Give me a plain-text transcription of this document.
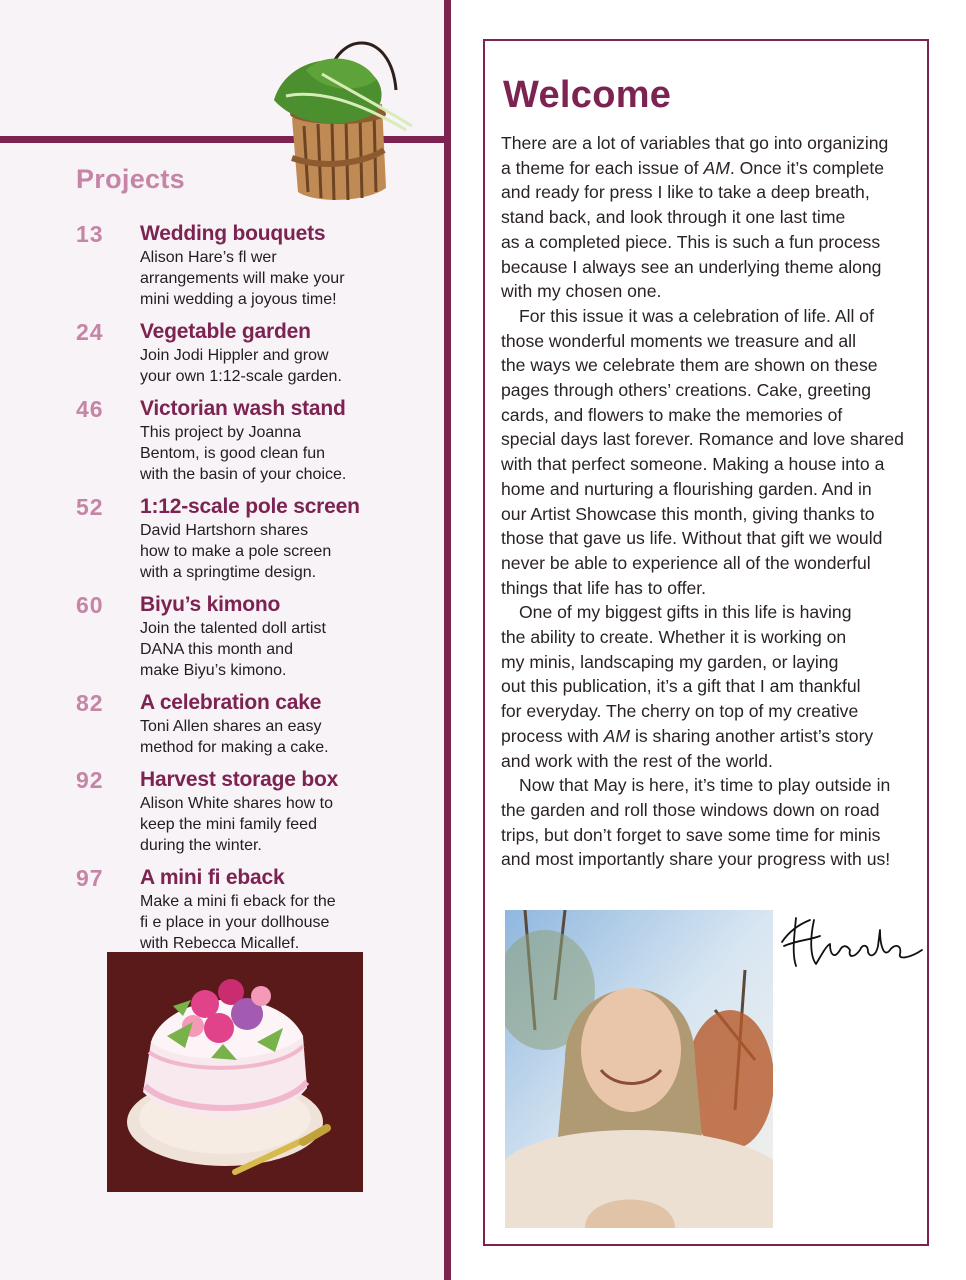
Projects
13	Wedding bouquets
Alison Hare’s fl wer
arrangements will make your
mini wedding a joyous time!
24	Vegetable garden
Join Jodi Hippler and grow
your own 1:12-scale garden.
46	Victorian wash stand
This project by Joanna
Bentom, is good clean fun
with the basin of your choice.
52	1:12-scale pole screen
David Hartshorn shares
how to make a pole screen
with a springtime design.
60	Biyu’s kimono
Join the talented doll artist
DANA this month and
make Biyu’s kimono.
82	A celebration cake
Toni Allen shares an easy
method for making a cake.
92	Harvest storage box
Alison White shares how to
keep the mini family feed
during the winter.
97	A mini fi eback
Make a mini fi eback for the
fi e place in your dollhouse
with Rebecca Micallef.
Welcome

There are a lot of variables that go into organizing
a theme for each issue of AM. Once it’s complete
and ready for press I like to take a deep breath,
stand back, and look through it one last time
as a completed piece. This is such a fun process
because I always see an underlying theme along
with my chosen one.

For this issue it was a celebration of life. All of
those wonderful moments we treasure and all
the ways we celebrate them are shown on these
pages through others’ creations. Cake, greeting
cards, and flowers to make the memories of
special days last forever. Romance and love shared
with that perfect someone. Making a house into a
home and nurturing a flourishing garden. And in
our Artist Showcase this month, giving thanks to
those that gave us life. Without that gift we would
never be able to experience all of the wonderful
things that life has to offer.

One of my biggest gifts in this life is having
the ability to create. Whether it is working on
my minis, landscaping my garden, or laying
out this publication, it’s a gift that I am thankful
for everyday. The cherry on top of my creative
process with AM is sharing another artist’s story
and work with the rest of the world.

Now that May is here, it’s time to play outside in
the garden and roll those windows down on road
trips, but don’t forget to save some time for minis
and most importantly share your progress with us!
